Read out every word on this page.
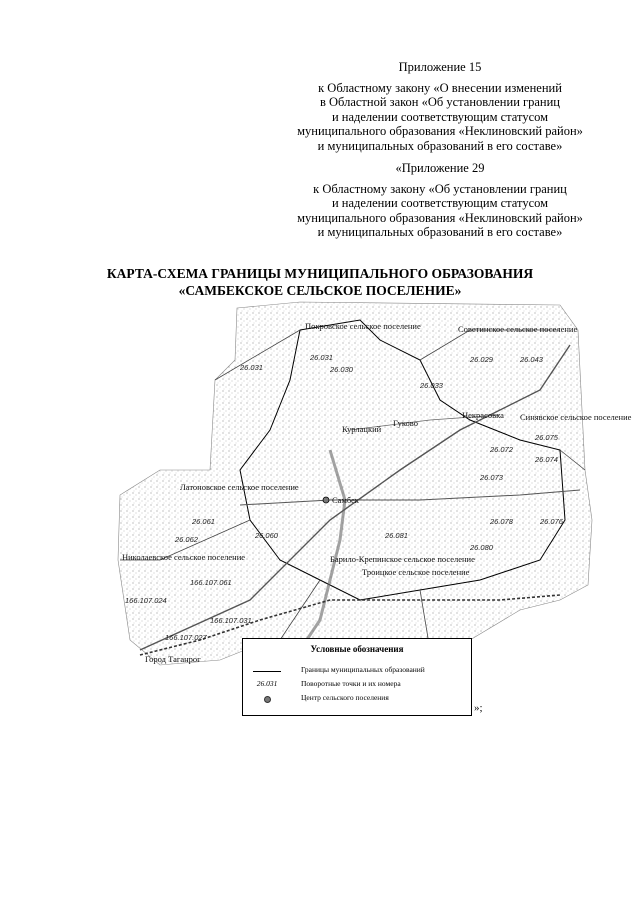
Приложение 15
к Областному закону «О внесении изменений
в Областной закон «Об установлении границ
и наделении соответствующим статусом
муниципального образования «Неклиновский район»
и муниципальных образований в его составе»
«Приложение 29
к Областному закону «Об установлении границ
и наделении соответствующим статусом
муниципального образования «Неклиновский район»
и муниципальных образований в его составе»
КАРТА-СХЕМА ГРАНИЦЫ МУНИЦИПАЛЬНОГО ОБРАЗОВАНИЯ
«САМБЕКСКОЕ СЕЛЬСКОЕ ПОСЕЛЕНИЕ»
Покровское сельское поселение	Советинское сельское поселение
Синявское сельское поселение
Троицкое сельское поселение
Николаевское сельское поселение
Латоновское сельское поселение
Самбек
Некрасовка
Курлацкий
Гуково
Барило-Крепинское сельское поселение
Город Таганрог
26.031	26.030
26.031	26.029	26.043
26.033
26.072
26.075
26.074
26.073
26.061
26.060
26.062
26.078	26.076
26.081
26.080
166.107.024
166.107.061
166.107.031
166.107.027
Условные обозначения
Границы муниципальных образований
26.031	Поворотные точки и их номера
Центр сельского поселения
»;
